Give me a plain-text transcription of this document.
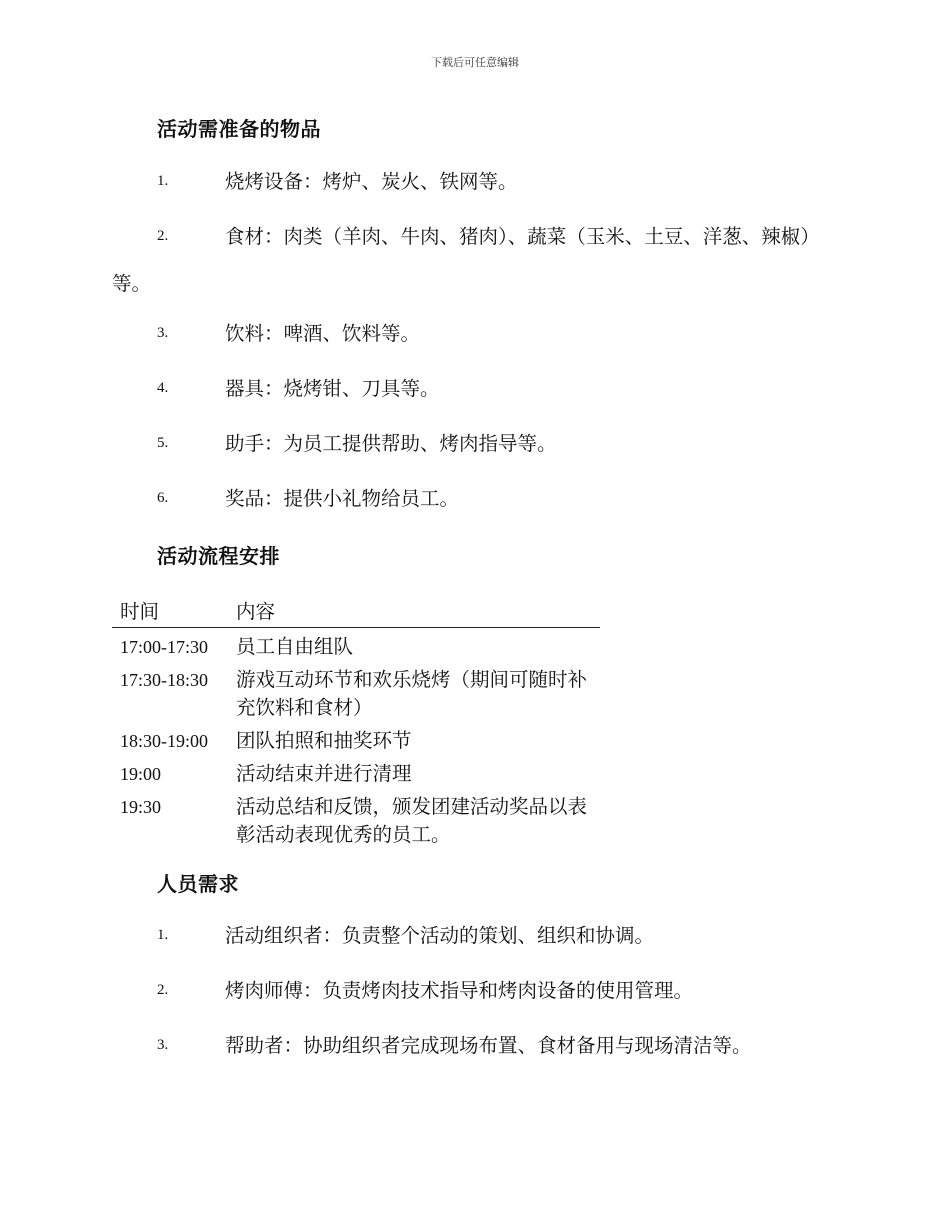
下载后可任意编辑
活动需准备的物品
1.	烧烤设备：烤炉、炭火、铁网等。
2.	食材：肉类（羊肉、牛肉、猪肉）、蔬菜（玉米、土豆、洋葱、辣椒）等。
3.	饮料：啤酒、饮料等。
4.	器具：烧烤钳、刀具等。
5.	助手：为员工提供帮助、烤肉指导等。
6.	奖品：提供小礼物给员工。
活动流程安排
时间	内容
17:00-17:30	员工自由组队
17:30-18:30	游戏互动环节和欢乐烧烤（期间可随时补充饮料和食材）
18:30-19:00	团队拍照和抽奖环节
19:00	活动结束并进行清理
19:30	活动总结和反馈，颁发团建活动奖品以表彰活动表现优秀的员工。
人员需求
1.	活动组织者：负责整个活动的策划、组织和协调。
2.	烤肉师傅：负责烤肉技术指导和烤肉设备的使用管理。
3.	帮助者：协助组织者完成现场布置、食材备用与现场清洁等。
